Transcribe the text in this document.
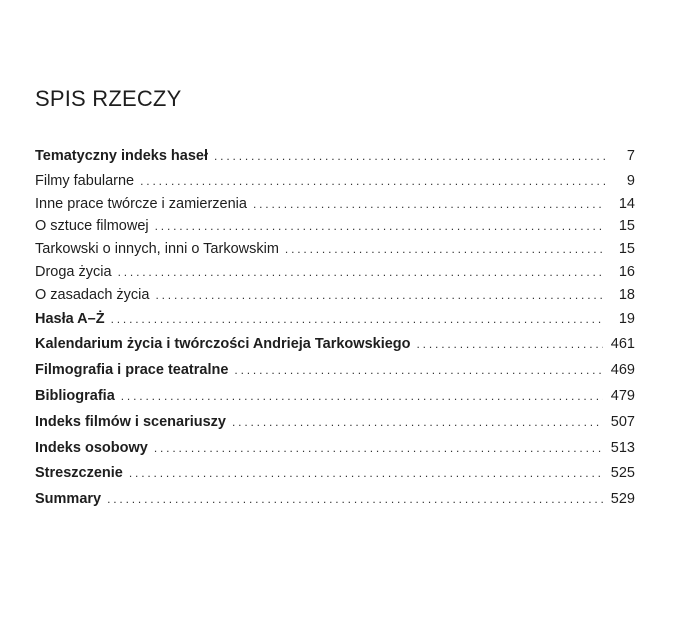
SPIS RZECZY
Tematyczny indeks haseł . . .	7
Filmy fabularne . . .	9
Inne prace twórcze i zamierzenia . . .	14
O sztuce filmowej . . .	15
Tarkowski o innych, inni o Tarkowskim . . .	15
Droga życia . . .	16
O zasadach życia . . .	18
Hasła A–Ż . . .	19
Kalendarium życia i twórczości Andrieja Tarkowskiego . . .	461
Filmografia i prace teatralne . . .	469
Bibliografia . . .	479
Indeks filmów i scenariuszy . . .	507
Indeks osobowy . . .	513
Streszczenie . . .	525
Summary . . .	529
